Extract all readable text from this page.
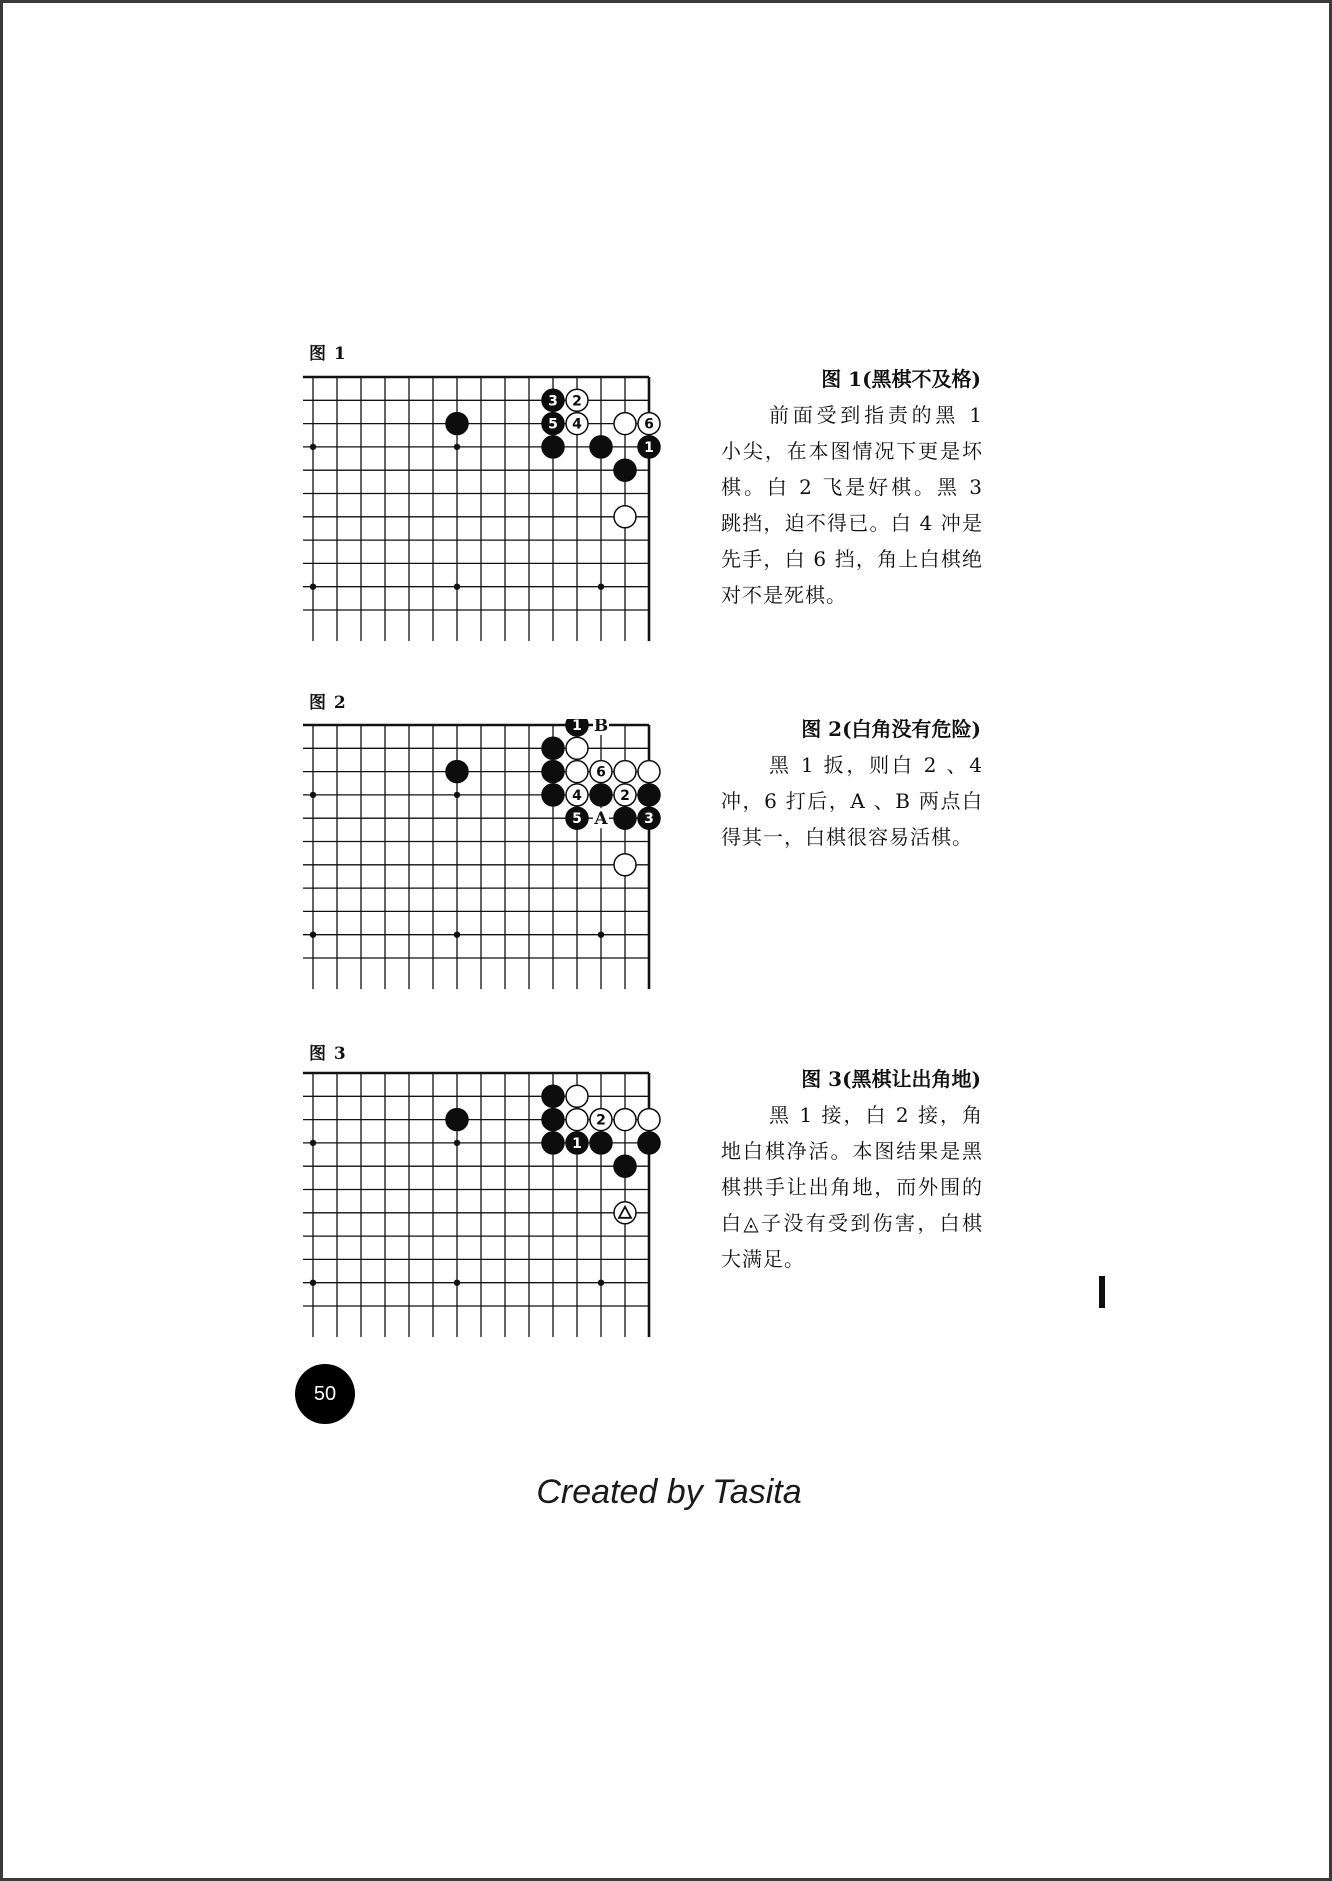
图 1
3 2
5 4	6
1
图 1(黑棋不及格)
前面受到指责的黑 1 小尖，在本图情况下更是坏棋。白 2 飞是好棋。黑 3 跳挡，迫不得已。白 4 冲是先手，白 6 挡，角上白棋绝对不是死棋。
图 2
1
6
4	2
5	3
B
A
图 2(白角没有危险)
黑 1 扳，则白 2 、4 冲，6 打后，A 、B 两点白得其一，白棋很容易活棋。
图 3
2
1
图 3(黑棋让出角地)
黑 1 接，白 2 接，角地白棋净活。本图结果是黑棋拱手让出角地，而外围的白◬子没有受到伤害，白棋大满足。
50
Created by Tasita
